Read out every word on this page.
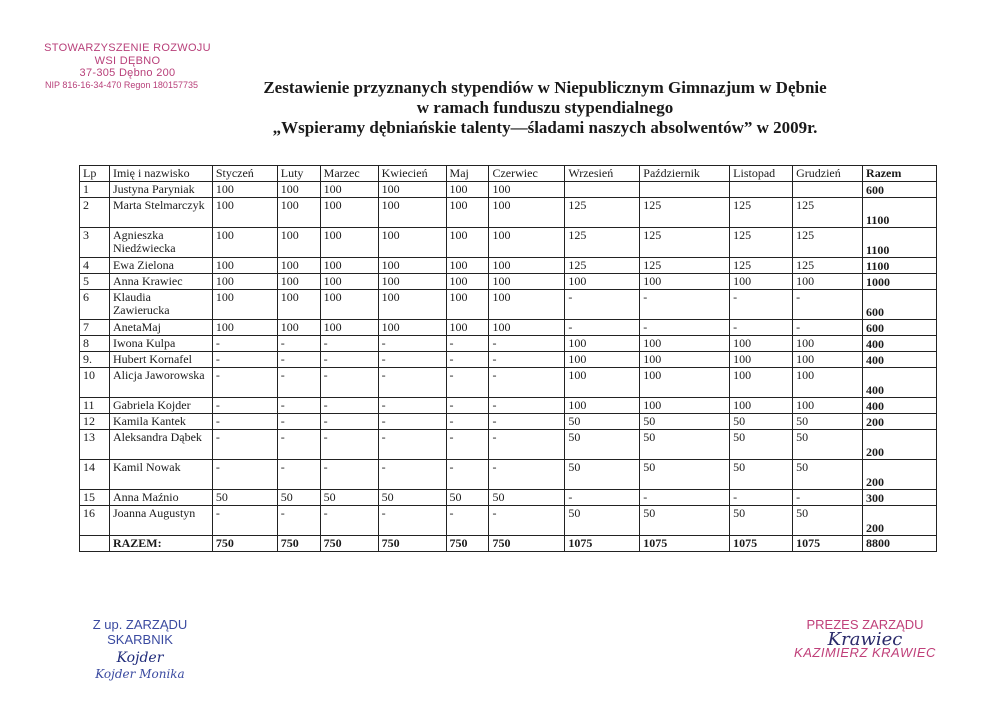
STOWARZYSZENIE ROZWOJU
WSI DĘBNO
37-305 Dębno 200
NIP 816-16-34-470 Regon 180157735	Zestawienie przyznanych stypendiów w Niepublicznym Gimnazjum w Dębnie
w ramach funduszu stypendialnego
„Wspieramy dębniańskie talenty—śladami naszych absolwentów” w 2009r.
Lp	Imię i nazwisko	Styczeń	Luty	Marzec	Kwiecień	Maj	Czerwiec	Wrzesień	Październik	Listopad	Grudzień	Razem
1	Justyna Paryniak	100	100	100	100	100	100					600
2	Marta Stelmarczyk	100	100	100	100	100	100	125	125	125	125	1100
3	Agnieszka Niedźwiecka	100	100	100	100	100	100	125	125	125	125	1100
4	Ewa Zielona	100	100	100	100	100	100	125	125	125	125	1100
5	Anna Krawiec	100	100	100	100	100	100	100	100	100	100	1000
6	Klaudia Zawierucka	100	100	100	100	100	100	-	-	-	-	600
7	AnetaMaj	100	100	100	100	100	100	-	-	-	-	600
8	Iwona Kulpa	-	-	-	-	-	-	100	100	100	100	400
9.	Hubert Kornafel	-	-	-	-	-	-	100	100	100	100	400
10	Alicja Jaworowska	-	-	-	-	-	-	100	100	100	100	400
11	Gabriela Kojder	-	-	-	-	-	-	100	100	100	100	400
12	Kamila Kantek	-	-	-	-	-	-	50	50	50	50	200
13	Aleksandra Dąbek	-	-	-	-	-	-	50	50	50	50	200
14	Kamil Nowak	-	-	-	-	-	-	50	50	50	50	200
15	Anna Maźnio	50	50	50	50	50	50	-	-	-	-	300
16	Joanna Augustyn	-	-	-	-	-	-	50	50	50	50	200
	RAZEM:	750	750	750	750	750	750	1075	1075	1075	1075	8800
Z up. ZARZĄDU
SKARBNIK
Kojder
Kojder Monika
PREZES ZARZĄDU
Krawiec
KAZIMIERZ KRAWIEC
